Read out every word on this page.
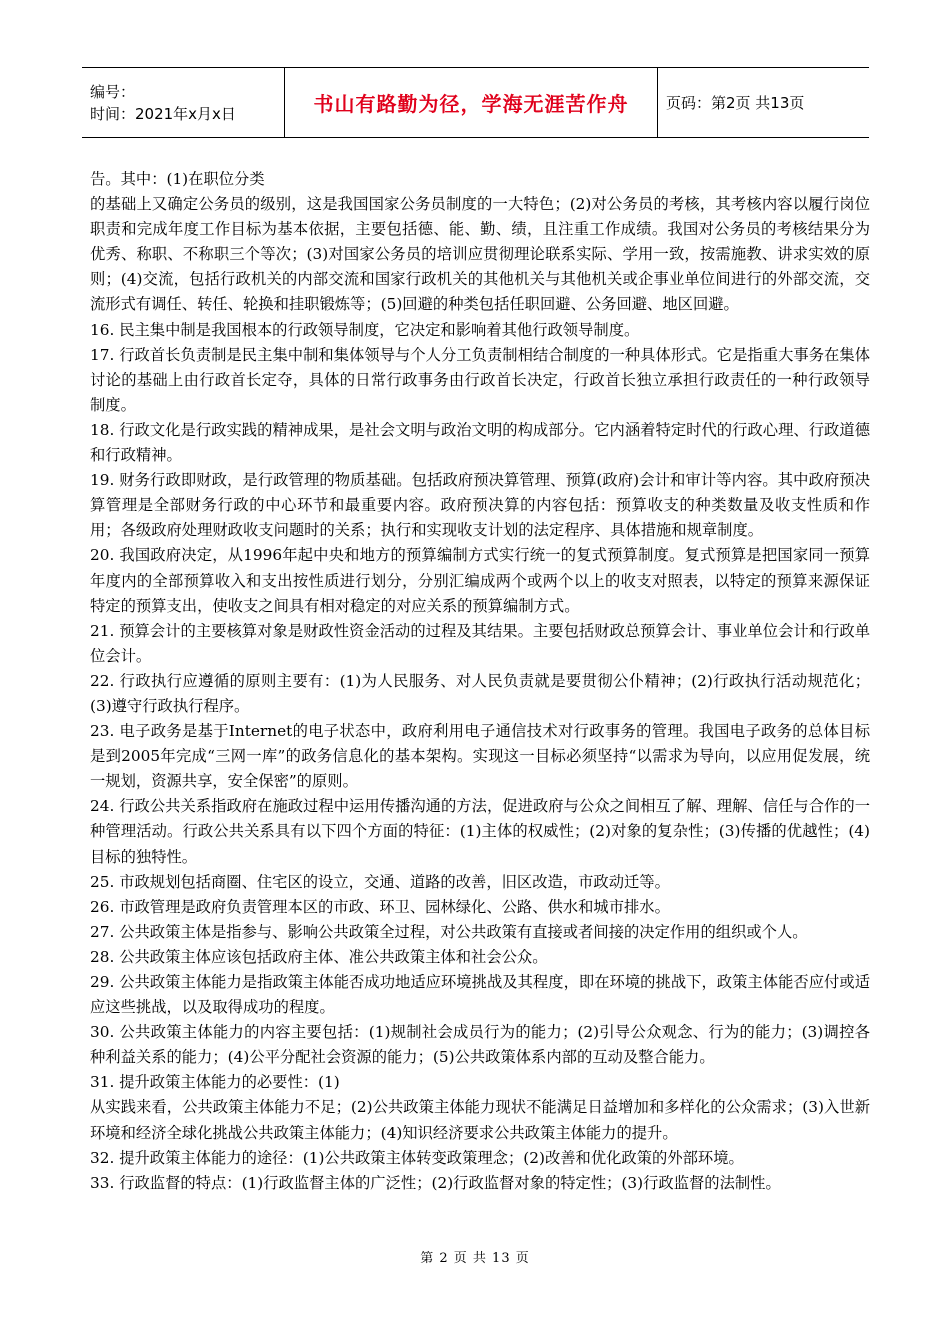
编号：
时间：2021年x月x日	书山有路勤为径，学海无涯苦作舟	页码：第2页 共13页

告。其中：(1)在职位分类

的基础上又确定公务员的级别，这是我国国家公务员制度的一大特色；(2)对公务员的考核，其考核内容以履行岗位职责和完成年度工作目标为基本依据，主要包括德、能、勤、绩，且注重工作成绩。我国对公务员的考核结果分为优秀、称职、不称职三个等次；(3)对国家公务员的培训应贯彻理论联系实际、学用一致，按需施教、讲求实效的原则；(4)交流，包括行政机关的内部交流和国家行政机关的其他机关与其他机关或企事业单位间进行的外部交流，交流形式有调任、转任、轮换和挂职锻炼等；(5)回避的种类包括任职回避、公务回避、地区回避。

16. 民主集中制是我国根本的行政领导制度，它决定和影响着其他行政领导制度。

17. 行政首长负责制是民主集中制和集体领导与个人分工负责制相结合制度的一种具体形式。它是指重大事务在集体讨论的基础上由行政首长定夺，具体的日常行政事务由行政首长决定，行政首长独立承担行政责任的一种行政领导制度。

18. 行政文化是行政实践的精神成果，是社会文明与政治文明的构成部分。它内涵着特定时代的行政心理、行政道德和行政精神。

19. 财务行政即财政，是行政管理的物质基础。包括政府预决算管理、预算(政府)会计和审计等内容。其中政府预决算管理是全部财务行政的中心环节和最重要内容。政府预决算的内容包括：预算收支的种类数量及收支性质和作用；各级政府处理财政收支问题时的关系；执行和实现收支计划的法定程序、具体措施和规章制度。

20. 我国政府决定，从1996年起中央和地方的预算编制方式实行统一的复式预算制度。复式预算是把国家同一预算年度内的全部预算收入和支出按性质进行划分，分别汇编成两个或两个以上的收支对照表，以特定的预算来源保证特定的预算支出，使收支之间具有相对稳定的对应关系的预算编制方式。

21. 预算会计的主要核算对象是财政性资金活动的过程及其结果。主要包括财政总预算会计、事业单位会计和行政单位会计。

22. 行政执行应遵循的原则主要有：(1)为人民服务、对人民负责就是要贯彻公仆精神；(2)行政执行活动规范化；(3)遵守行政执行程序。

23. 电子政务是基于Internet的电子状态中，政府利用电子通信技术对行政事务的管理。我国电子政务的总体目标是到2005年完成“三网一库”的政务信息化的基本架构。实现这一目标必须坚持“以需求为导向，以应用促发展，统一规划，资源共享，安全保密”的原则。

24. 行政公共关系指政府在施政过程中运用传播沟通的方法，促进政府与公众之间相互了解、理解、信任与合作的一种管理活动。行政公共关系具有以下四个方面的特征：(1)主体的权威性；(2)对象的复杂性；(3)传播的优越性；(4)目标的独特性。

25. 市政规划包括商圈、住宅区的设立，交通、道路的改善，旧区改造，市政动迁等。

26. 市政管理是政府负责管理本区的市政、环卫、园林绿化、公路、供水和城市排水。

27. 公共政策主体是指参与、影响公共政策全过程，对公共政策有直接或者间接的决定作用的组织或个人。

28. 公共政策主体应该包括政府主体、准公共政策主体和社会公众。

29. 公共政策主体能力是指政策主体能否成功地适应环境挑战及其程度，即在环境的挑战下，政策主体能否应付或适应这些挑战，以及取得成功的程度。

30. 公共政策主体能力的内容主要包括：(1)规制社会成员行为的能力；(2)引导公众观念、行为的能力；(3)调控各种利益关系的能力；(4)公平分配社会资源的能力；(5)公共政策体系内部的互动及整合能力。

31. 提升政策主体能力的必要性：(1)

从实践来看，公共政策主体能力不足；(2)公共政策主体能力现状不能满足日益增加和多样化的公众需求；(3)入世新环境和经济全球化挑战公共政策主体能力；(4)知识经济要求公共政策主体能力的提升。

32. 提升政策主体能力的途径：(1)公共政策主体转变政策理念；(2)改善和优化政策的外部环境。

33. 行政监督的特点：(1)行政监督主体的广泛性；(2)行政监督对象的特定性；(3)行政监督的法制性。

第 2 页 共 13 页
